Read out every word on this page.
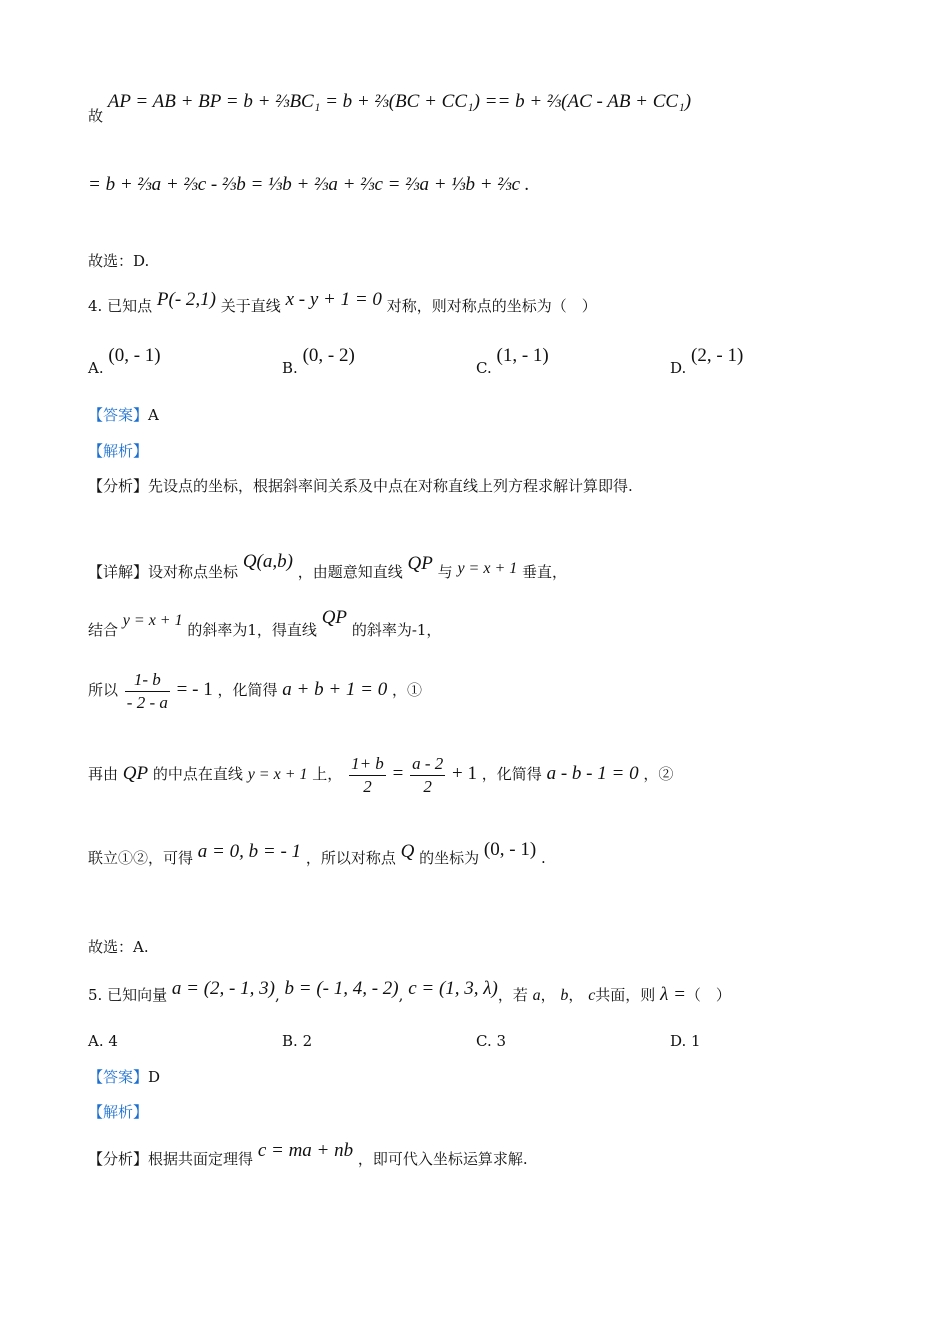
故 AP = AB + BP = b + ⅔BC₁ = b + ⅔(BC + CC₁) == b + ⅔(AC - AB + CC₁)
= b + ⅔a + ⅔c - ⅔b = ⅓b + ⅔a + ⅔c = ⅔a + ⅓b + ⅔c .
故选：D.
4. 已知点 P(- 2,1) 关于直线 x - y + 1 = 0 对称，则对称点的坐标为（　）
A. (0, - 1)
B. (0, - 2)
C. (1, - 1)
D. (2, - 1)
【答案】A
【解析】
【分析】先设点的坐标，根据斜率间关系及中点在对称直线上列方程求解计算即得.
【详解】设对称点坐标 Q(a,b) ，由题意知直线 QP 与 y = x + 1 垂直，
结合 y = x + 1 的斜率为1，得直线 QP 的斜率为-1，
所以 $\frac{1- b}{- 2 - a}$ = - 1 ，化简得 a + b + 1 = 0 ，①
再由 QP 的中点在直线 y = x + 1 上， $\frac{1+ b}{2} = \frac{a - 2}{2} + 1$ ，化简得 a - b - 1 = 0 ，②
联立①②，可得 a = 0, b = - 1 ，所以对称点 Q 的坐标为 (0, - 1) .
故选：A.
5. 已知向量 a = (2, - 1, 3), b = (- 1, 4, - 2), c = (1, 3, λ)，若 a， b， c共面，则 λ =（　）
A. 4	B. 2	C. 3	D. 1
【答案】D
【解析】
【分析】根据共面定理得 c = ma + nb ，即可代入坐标运算求解.
